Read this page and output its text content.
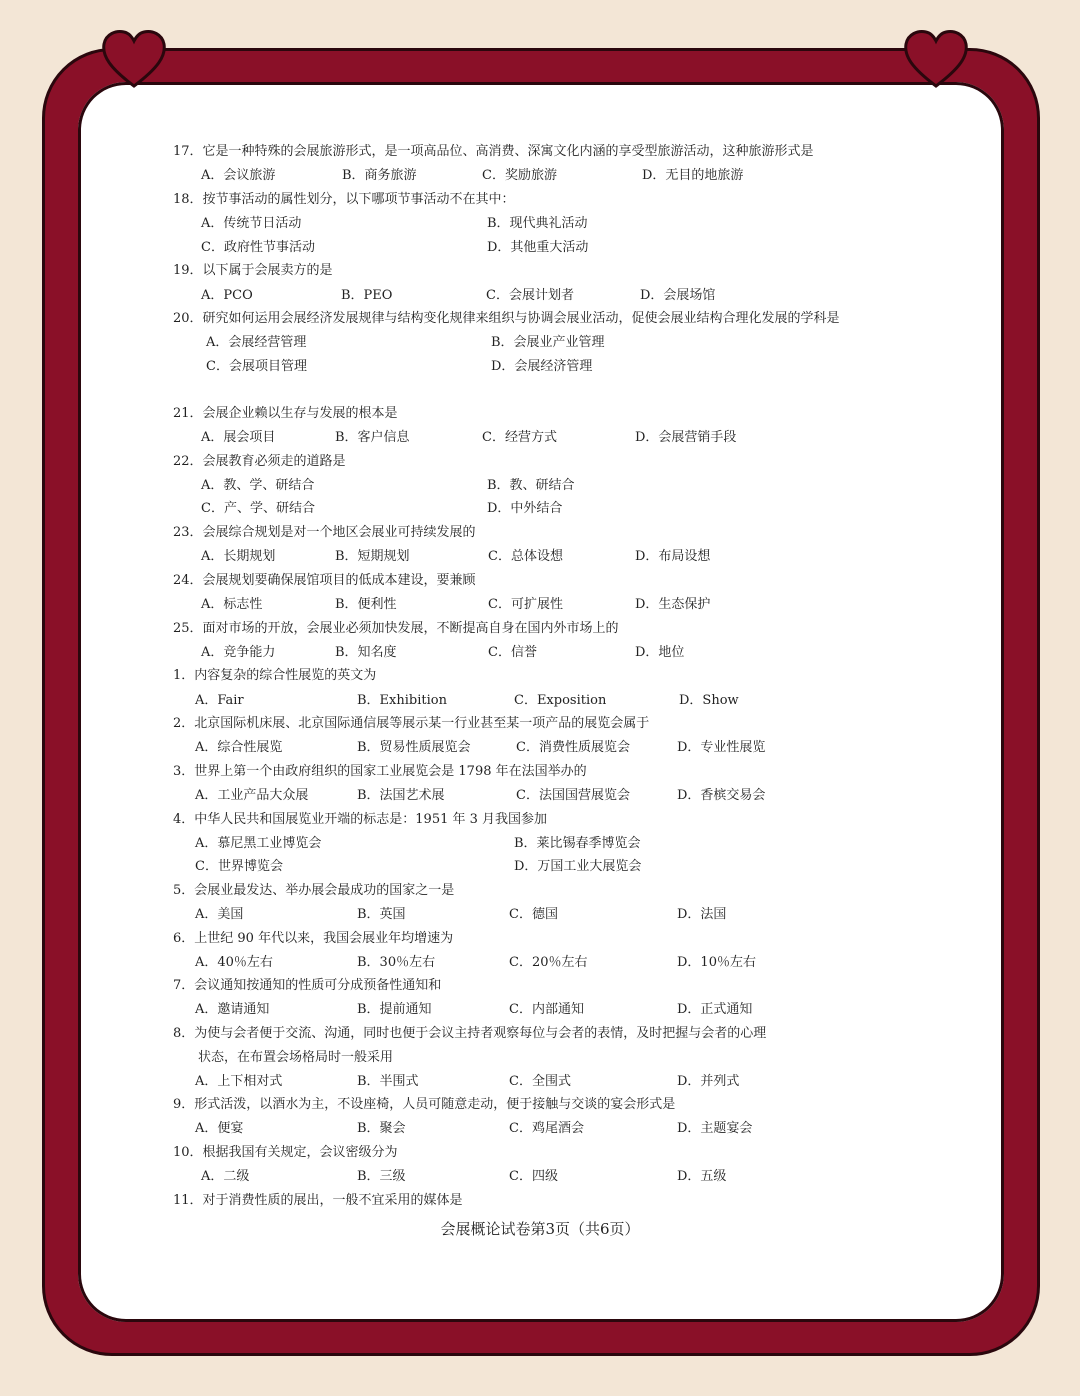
17．它是一种特殊的会展旅游形式，是一项高品位、高消费、深寓文化内涵的享受型旅游活动，这种旅游形式是
A．会议旅游	B．商务旅游	C．奖励旅游	D．无目的地旅游
18．按节事活动的属性划分，以下哪项节事活动不在其中：
A．传统节日活动	B．现代典礼活动
C．政府性节事活动	D．其他重大活动
19．以下属于会展卖方的是
A．PCO	B．PEO	C．会展计划者	D．会展场馆
20．研究如何运用会展经济发展规律与结构变化规律来组织与协调会展业活动，促使会展业结构合理化发展的学科是
A．会展经营管理	B．会展业产业管理
C．会展项目管理	D．会展经济管理
21．会展企业赖以生存与发展的根本是
A．展会项目	B．客户信息	C．经营方式	D．会展营销手段
22．会展教育必须走的道路是
A．教、学、研结合	B．教、研结合
C．产、学、研结合	D．中外结合
23．会展综合规划是对一个地区会展业可持续发展的
A．长期规划	B．短期规划	C．总体设想	D．布局设想
24．会展规划要确保展馆项目的低成本建设，要兼顾
A．标志性	B．便利性	C．可扩展性	D．生态保护
25．面对市场的开放，会展业必须加快发展，不断提高自身在国内外市场上的
A．竞争能力	B．知名度	C．信誉	D．地位
1．内容复杂的综合性展览的英文为
A．Fair	B．Exhibition	C．Exposition	D．Show
2．北京国际机床展、北京国际通信展等展示某一行业甚至某一项产品的展览会属于
A．综合性展览	B．贸易性质展览会	C．消费性质展览会	D．专业性展览
3．世界上第一个由政府组织的国家工业展览会是 1798 年在法国举办的
A．工业产品大众展	B．法国艺术展	C．法国国营展览会	D．香槟交易会
4．中华人民共和国展览业开端的标志是：1951 年 3 月我国参加
A．慕尼黑工业博览会	B．莱比锡春季博览会
C．世界博览会	D．万国工业大展览会
5．会展业最发达、举办展会最成功的国家之一是
A．美国	B．英国	C．德国	D．法国
6．上世纪 90 年代以来，我国会展业年均增速为
A．40％左右	B．30％左右	C．20％左右	D．10％左右
7．会议通知按通知的性质可分成预备性通知和
A．邀请通知	B．提前通知	C．内部通知	D．正式通知
8．为使与会者便于交流、沟通，同时也便于会议主持者观察每位与会者的表情，及时把握与会者的心理
状态，在布置会场格局时一般采用
A．上下相对式	B．半围式	C．全围式	D．并列式
9．形式活泼，以酒水为主，不设座椅，人员可随意走动，便于接触与交谈的宴会形式是
A．便宴	B．聚会	C．鸡尾酒会	D．主题宴会
10．根据我国有关规定，会议密级分为
A．二级	B．三级	C．四级	D．五级
11．对于消费性质的展出，一般不宜采用的媒体是
会展概论试卷第3页（共6页）
